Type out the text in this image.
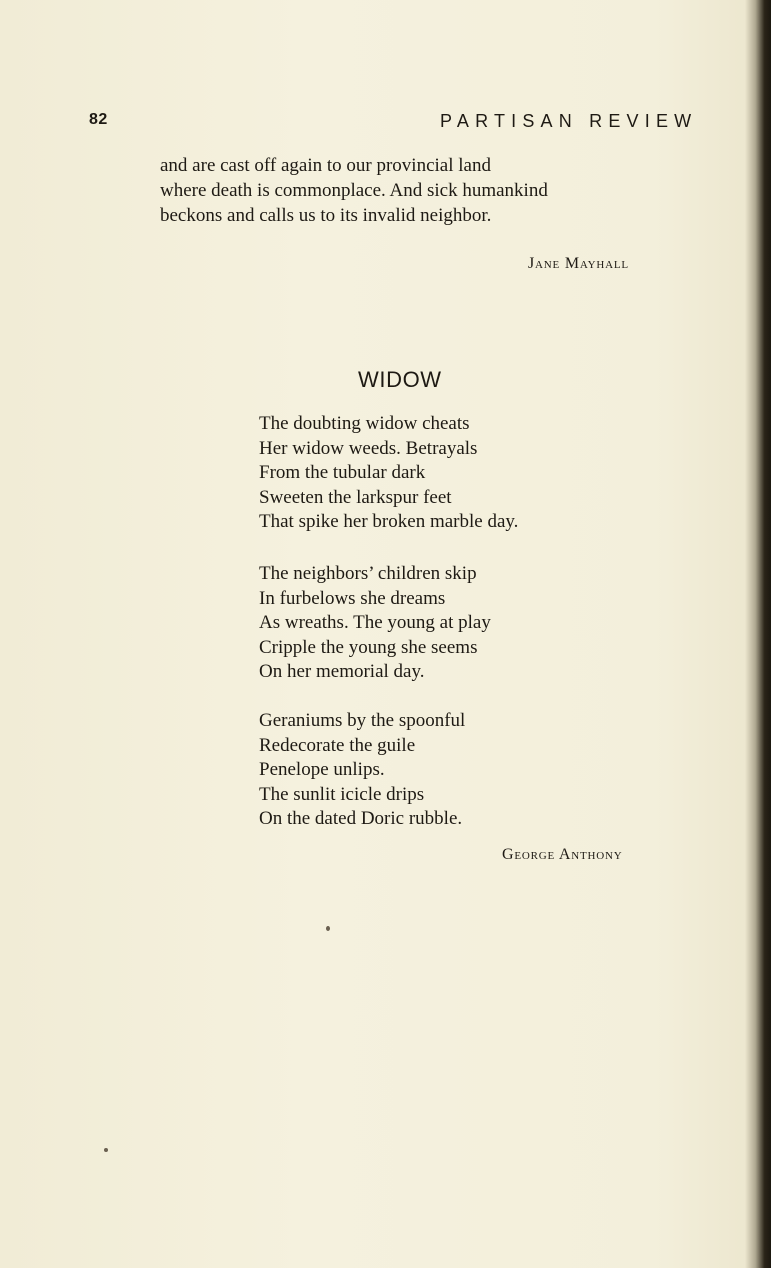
82	PARTISAN REVIEW
and are cast off again to our provincial land
where death is commonplace. And sick humankind
beckons and calls us to its invalid neighbor.
Jane Mayhall
WIDOW
The doubting widow cheats
Her widow weeds. Betrayals
From the tubular dark
Sweeten the larkspur feet
That spike her broken marble day.
The neighbors’ children skip
In furbelows she dreams
As wreaths. The young at play
Cripple the young she seems
On her memorial day.
Geraniums by the spoonful
Redecorate the guile
Penelope unlips.
The sunlit icicle drips
On the dated Doric rubble.
George Anthony
